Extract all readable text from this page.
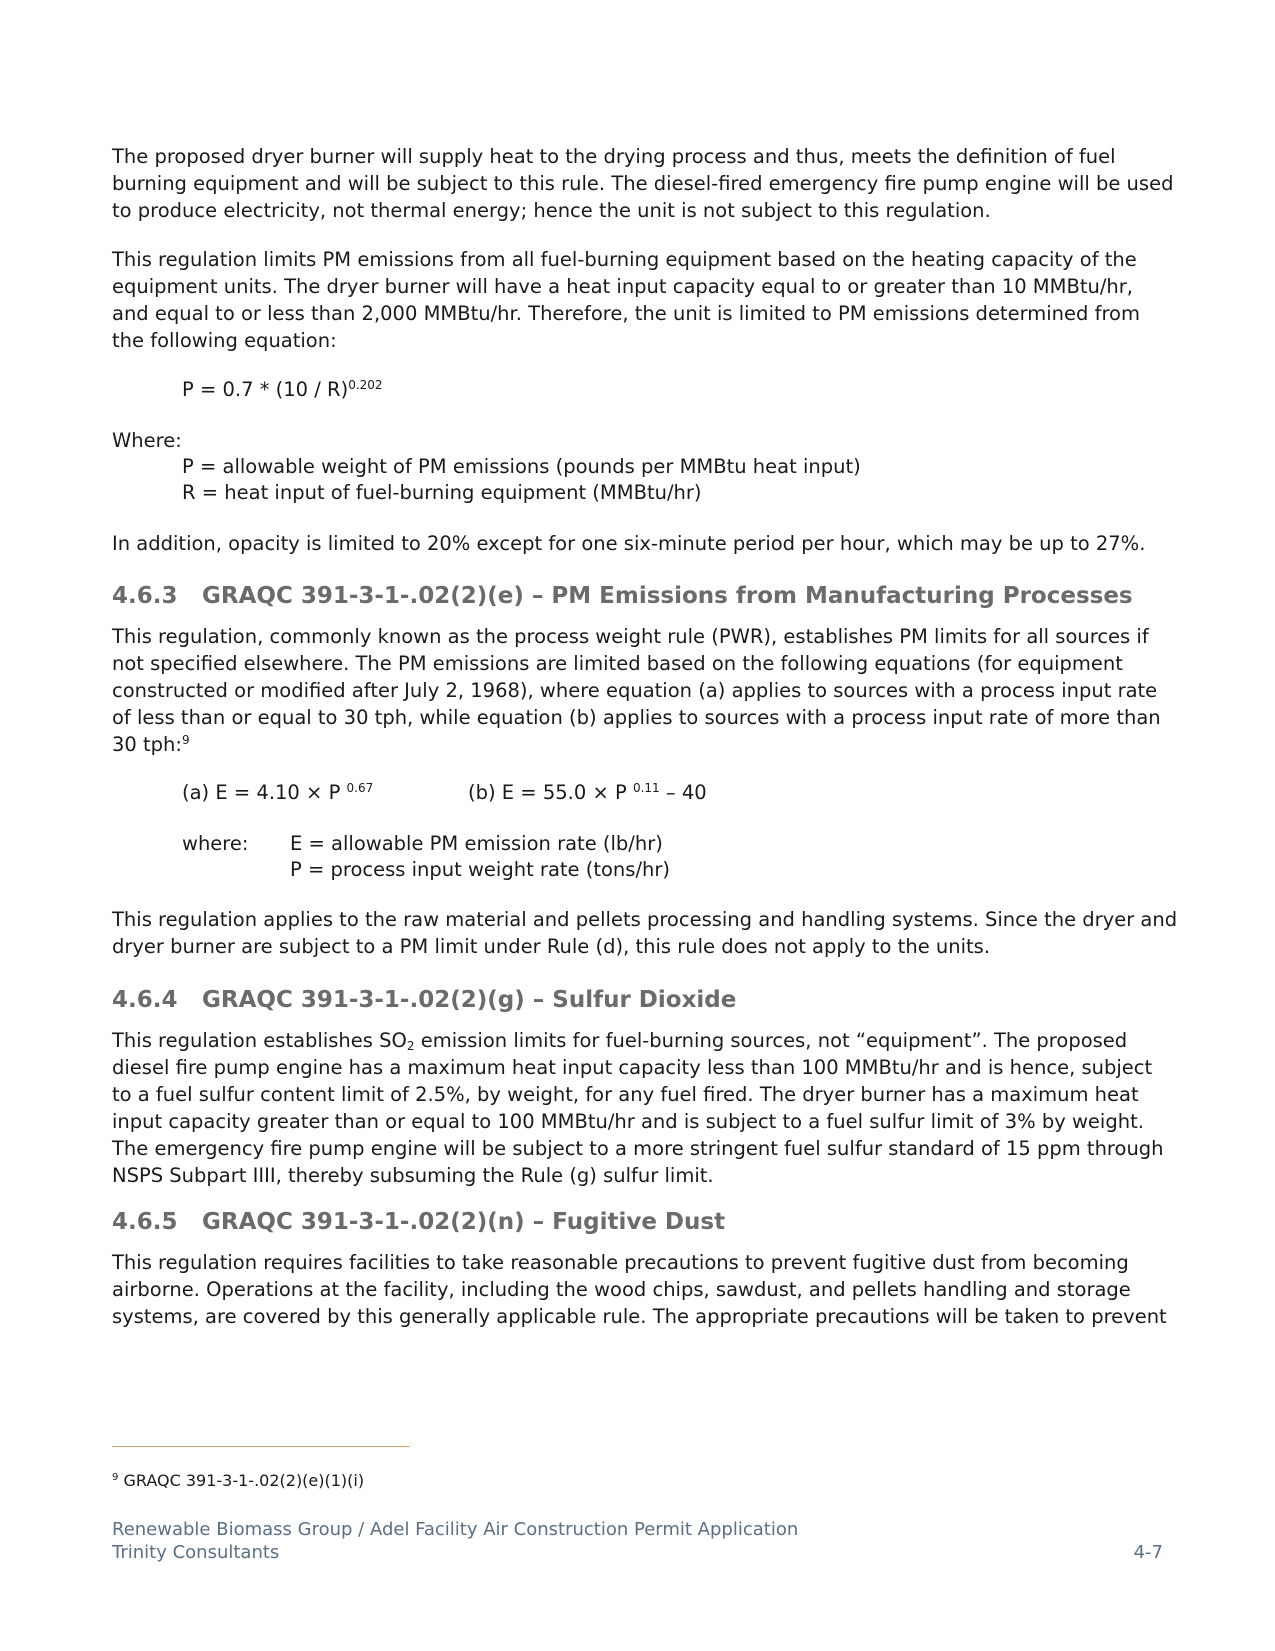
The proposed dryer burner will supply heat to the drying process and thus, meets the definition of fuel
burning equipment and will be subject to this rule. The diesel-fired emergency fire pump engine will be used
to produce electricity, not thermal energy; hence the unit is not subject to this regulation.
This regulation limits PM emissions from all fuel-burning equipment based on the heating capacity of the
equipment units. The dryer burner will have a heat input capacity equal to or greater than 10 MMBtu/hr,
and equal to or less than 2,000 MMBtu/hr. Therefore, the unit is limited to PM emissions determined from
the following equation:
P = 0.7 * (10 / R)$^{0.202}$
Where:
P = allowable weight of PM emissions (pounds per MMBtu heat input)
R = heat input of fuel-burning equipment (MMBtu/hr)
In addition, opacity is limited to 20% except for one six-minute period per hour, which may be up to 27%.
4.6.3 GRAQC 391-3-1-.02(2)(e) – PM Emissions from Manufacturing Processes
This regulation, commonly known as the process weight rule (PWR), establishes PM limits for all sources if
not specified elsewhere. The PM emissions are limited based on the following equations (for equipment
constructed or modified after July 2, 1968), where equation (a) applies to sources with a process input rate
of less than or equal to 30 tph, while equation (b) applies to sources with a process input rate of more than
30 tph:$^9$
(a) E = 4.10 × P $^{0.67}$	(b) E = 55.0 × P $^{0.11}$ – 40
where: E = allowable PM emission rate (lb/hr)
P = process input weight rate (tons/hr)
This regulation applies to the raw material and pellets processing and handling systems. Since the dryer and
dryer burner are subject to a PM limit under Rule (d), this rule does not apply to the units.
4.6.4 GRAQC 391-3-1-.02(2)(g) – Sulfur Dioxide
This regulation establishes $SO_2$ emission limits for fuel-burning sources, not “equipment”. The proposed
diesel fire pump engine has a maximum heat input capacity less than 100 MMBtu/hr and is hence, subject
to a fuel sulfur content limit of 2.5%, by weight, for any fuel fired. The dryer burner has a maximum heat
input capacity greater than or equal to 100 MMBtu/hr and is subject to a fuel sulfur limit of 3% by weight.
The emergency fire pump engine will be subject to a more stringent fuel sulfur standard of 15 ppm through
NSPS Subpart IIII, thereby subsuming the Rule (g) sulfur limit.
4.6.5 GRAQC 391-3-1-.02(2)(n) – Fugitive Dust
This regulation requires facilities to take reasonable precautions to prevent fugitive dust from becoming
airborne. Operations at the facility, including the wood chips, sawdust, and pellets handling and storage
systems, are covered by this generally applicable rule. The appropriate precautions will be taken to prevent
$^9$ GRAQC 391-3-1-.02(2)(e)(1)(i)
Renewable Biomass Group / Adel Facility Air Construction Permit Application
Trinity Consultants	4-7
